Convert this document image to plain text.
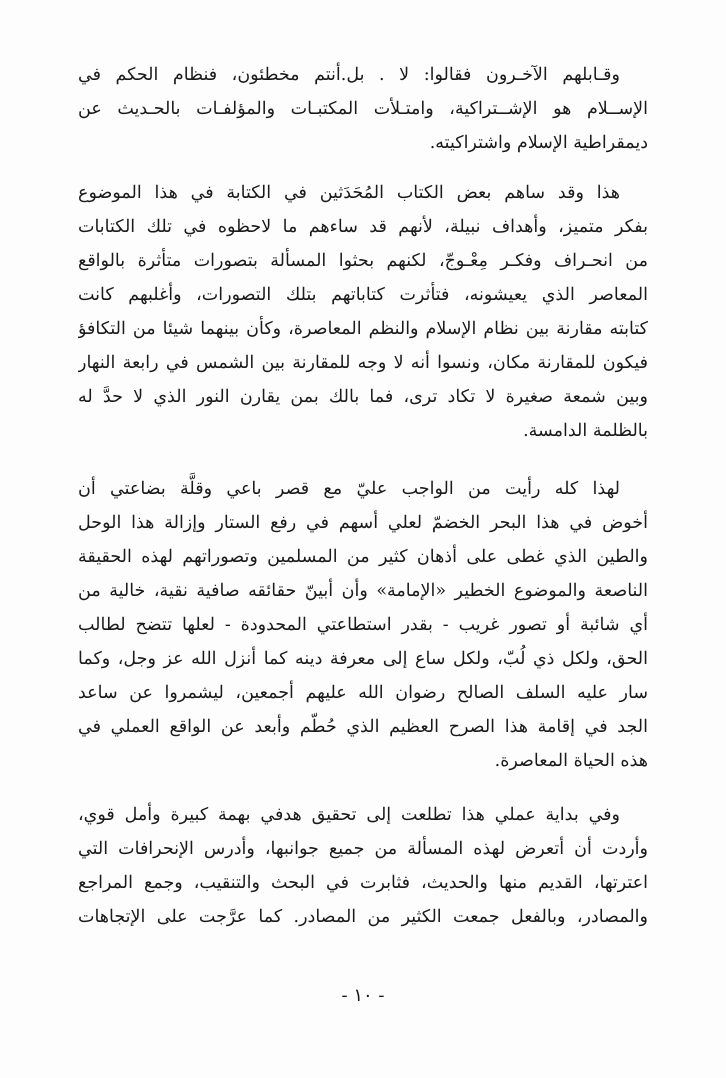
وقـابلهم الآخـرون فقالوا: لا . بل.أنتم مخطئون، فنظام الحكم في
الإســلام هو الإشــتراكية، وامتـلأت المكتبـات والمؤلفـات بالحـديث عن
ديمقراطية الإسلام واشتراكيته.
هذا وقد ساهم بعض الكتاب المُحَدَثين في الكتابة في هذا الموضوع
بفكر متميز، وأهداف نبيلة، لأنهم قد ساءهم ما لاحظوه في تلك الكتابات
من انحـراف وفكـر مِعْـوجّ، لكنهم بحثوا المسألة بتصورات متأثرة بالواقع
المعاصر الذي يعيشونه، فتأثرت كتاباتهم بتلك التصورات، وأغلبهم كانت
كتابته مقارنة بين نظام الإسلام والنظم المعاصرة، وكأن بينهما شيئا من التكافؤ
فيكون للمقارنة مكان، ونسوا أنه لا وجه للمقارنة بين الشمس في رابعة النهار
وبين شمعة صغيرة لا تكاد ترى، فما بالك بمن يقارن النور الذي لا حدَّ له
بالظلمة الدامسة.
لهذا كله رأيت من الواجب عليّ مع قصر باعي وقلَّة بضاعتي أن
أخوض في هذا البحر الخضمّ لعلي أسهم في رفع الستار وإزالة هذا الوحل
والطين الذي غطى على أذهان كثير من المسلمين وتصوراتهم لهذه الحقيقة
الناصعة والموضوع الخطير «الإمامة» وأن أبينّ حقائقه صافية نقية، خالية من
أي شائبة أو تصور غريب - بقدر استطاعتي المحدودة - لعلها تتضح لطالب
الحق، ولكل ذي لُبّ، ولكل ساع إلى معرفة دينه كما أنزل الله عز وجل، وكما
سار عليه السلف الصالح رضوان الله عليهم أجمعين، ليشمروا عن ساعد
الجد في إقامة هذا الصرح العظيم الذي حُطّم وأبعد عن الواقع العملي في
هذه الحياة المعاصرة.
وفي بداية عملي هذا تطلعت إلى تحقيق هدفي بهمة كبيرة وأمل قوي،
وأردت أن أتعرض لهذه المسألة من جميع جوانبها، وأدرس الإنحرافات التي
اعترتها، القديم منها والحديث، فثابرت في البحث والتنقيب، وجمع المراجع
والمصادر، وبالفعل جمعت الكثير من المصادر. كما عرَّجت على الإتجاهات
- ١٠ -
